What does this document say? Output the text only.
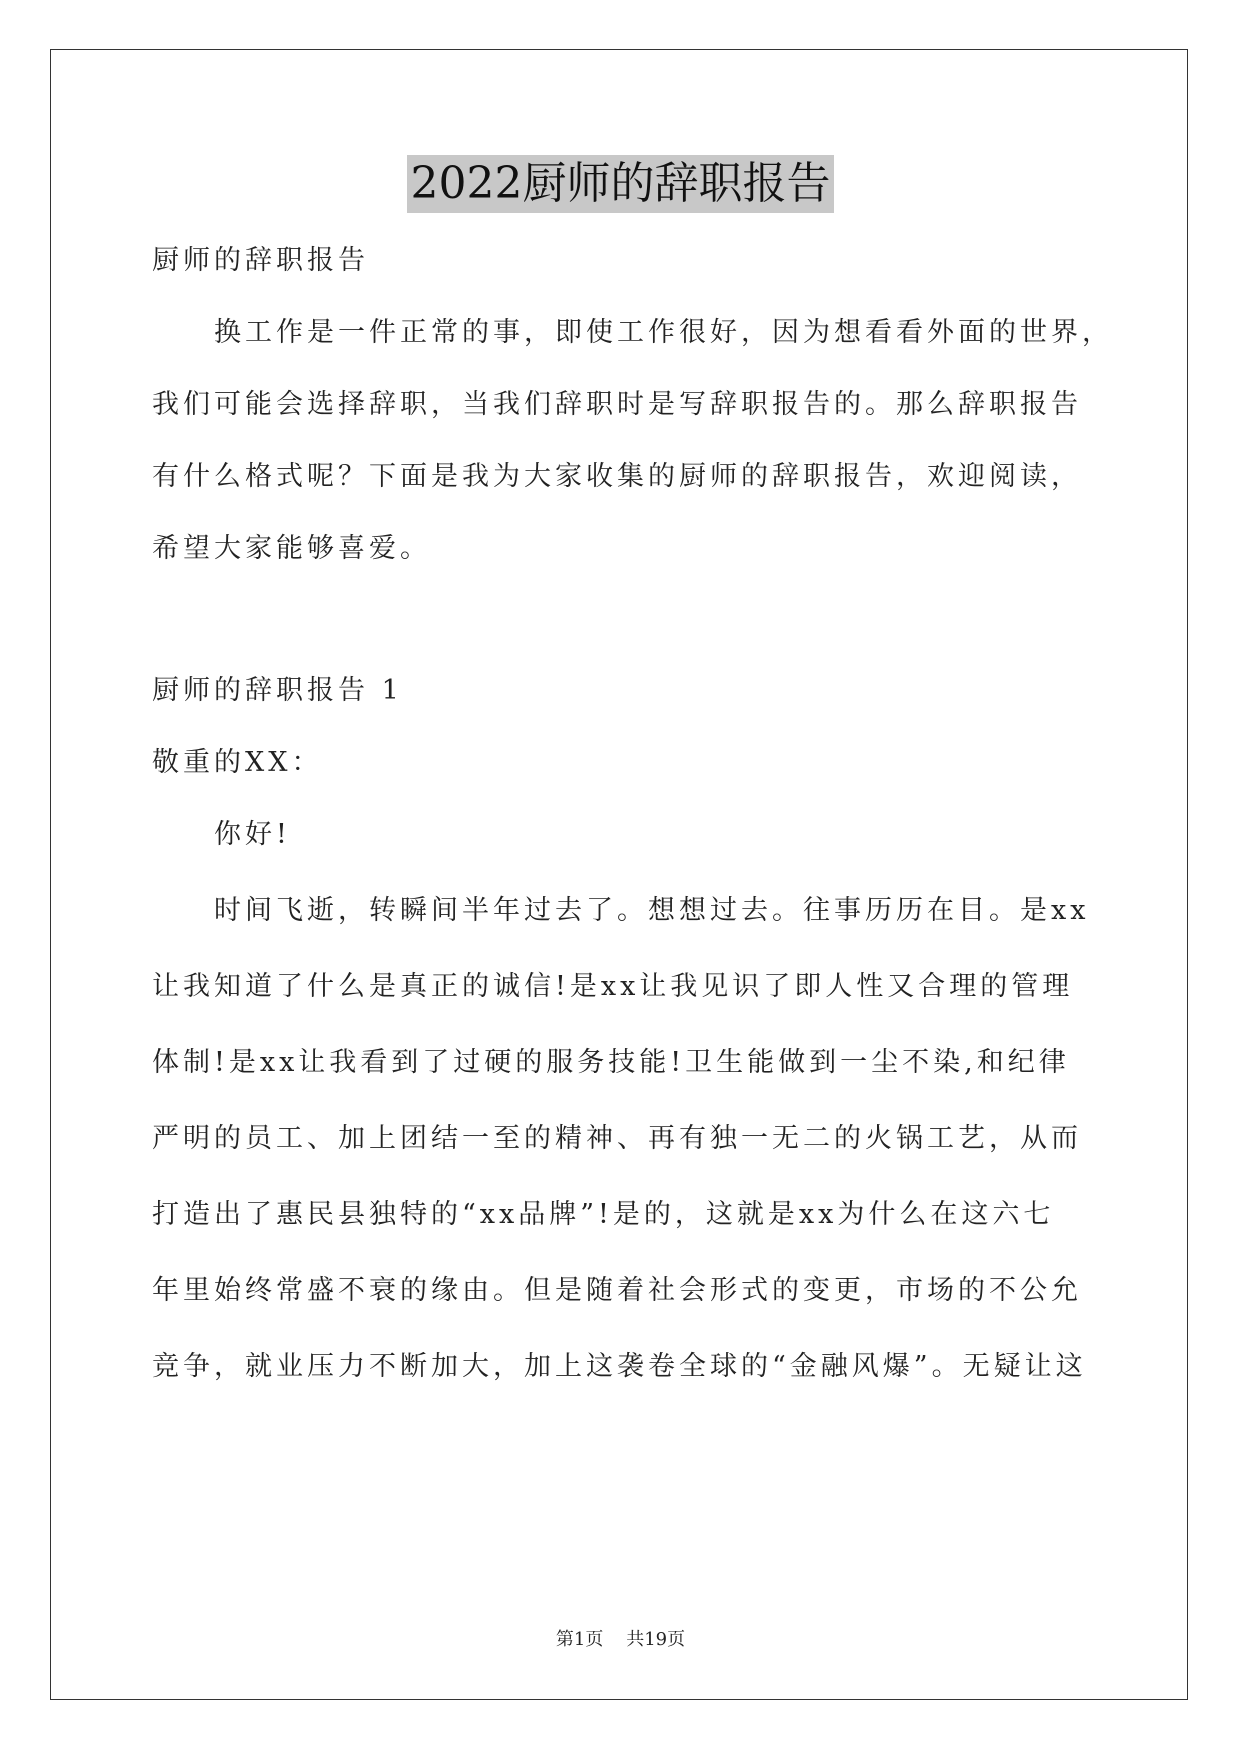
2022厨师的辞职报告
厨师的辞职报告
换工作是一件正常的事，即使工作很好，因为想看看外面的世界，
我们可能会选择辞职，当我们辞职时是写辞职报告的。那么辞职报告
有什么格式呢？下面是我为大家收集的厨师的辞职报告，欢迎阅读，
希望大家能够喜爱。
厨师的辞职报告 1
敬重的XX：
你好!
时间飞逝，转瞬间半年过去了。想想过去。往事历历在目。是xx
让我知道了什么是真正的诚信!是xx让我见识了即人性又合理的管理
体制!是xx让我看到了过硬的服务技能!卫生能做到一尘不染,和纪律
严明的员工、加上团结一至的精神、再有独一无二的火锅工艺，从而
打造出了惠民县独特的“xx品牌”!是的，这就是xx为什么在这六七
年里始终常盛不衰的缘由。但是随着社会形式的变更，市场的不公允
竞争，就业压力不断加大，加上这袭卷全球的“金融风爆”。无疑让这
第1页    共19页
